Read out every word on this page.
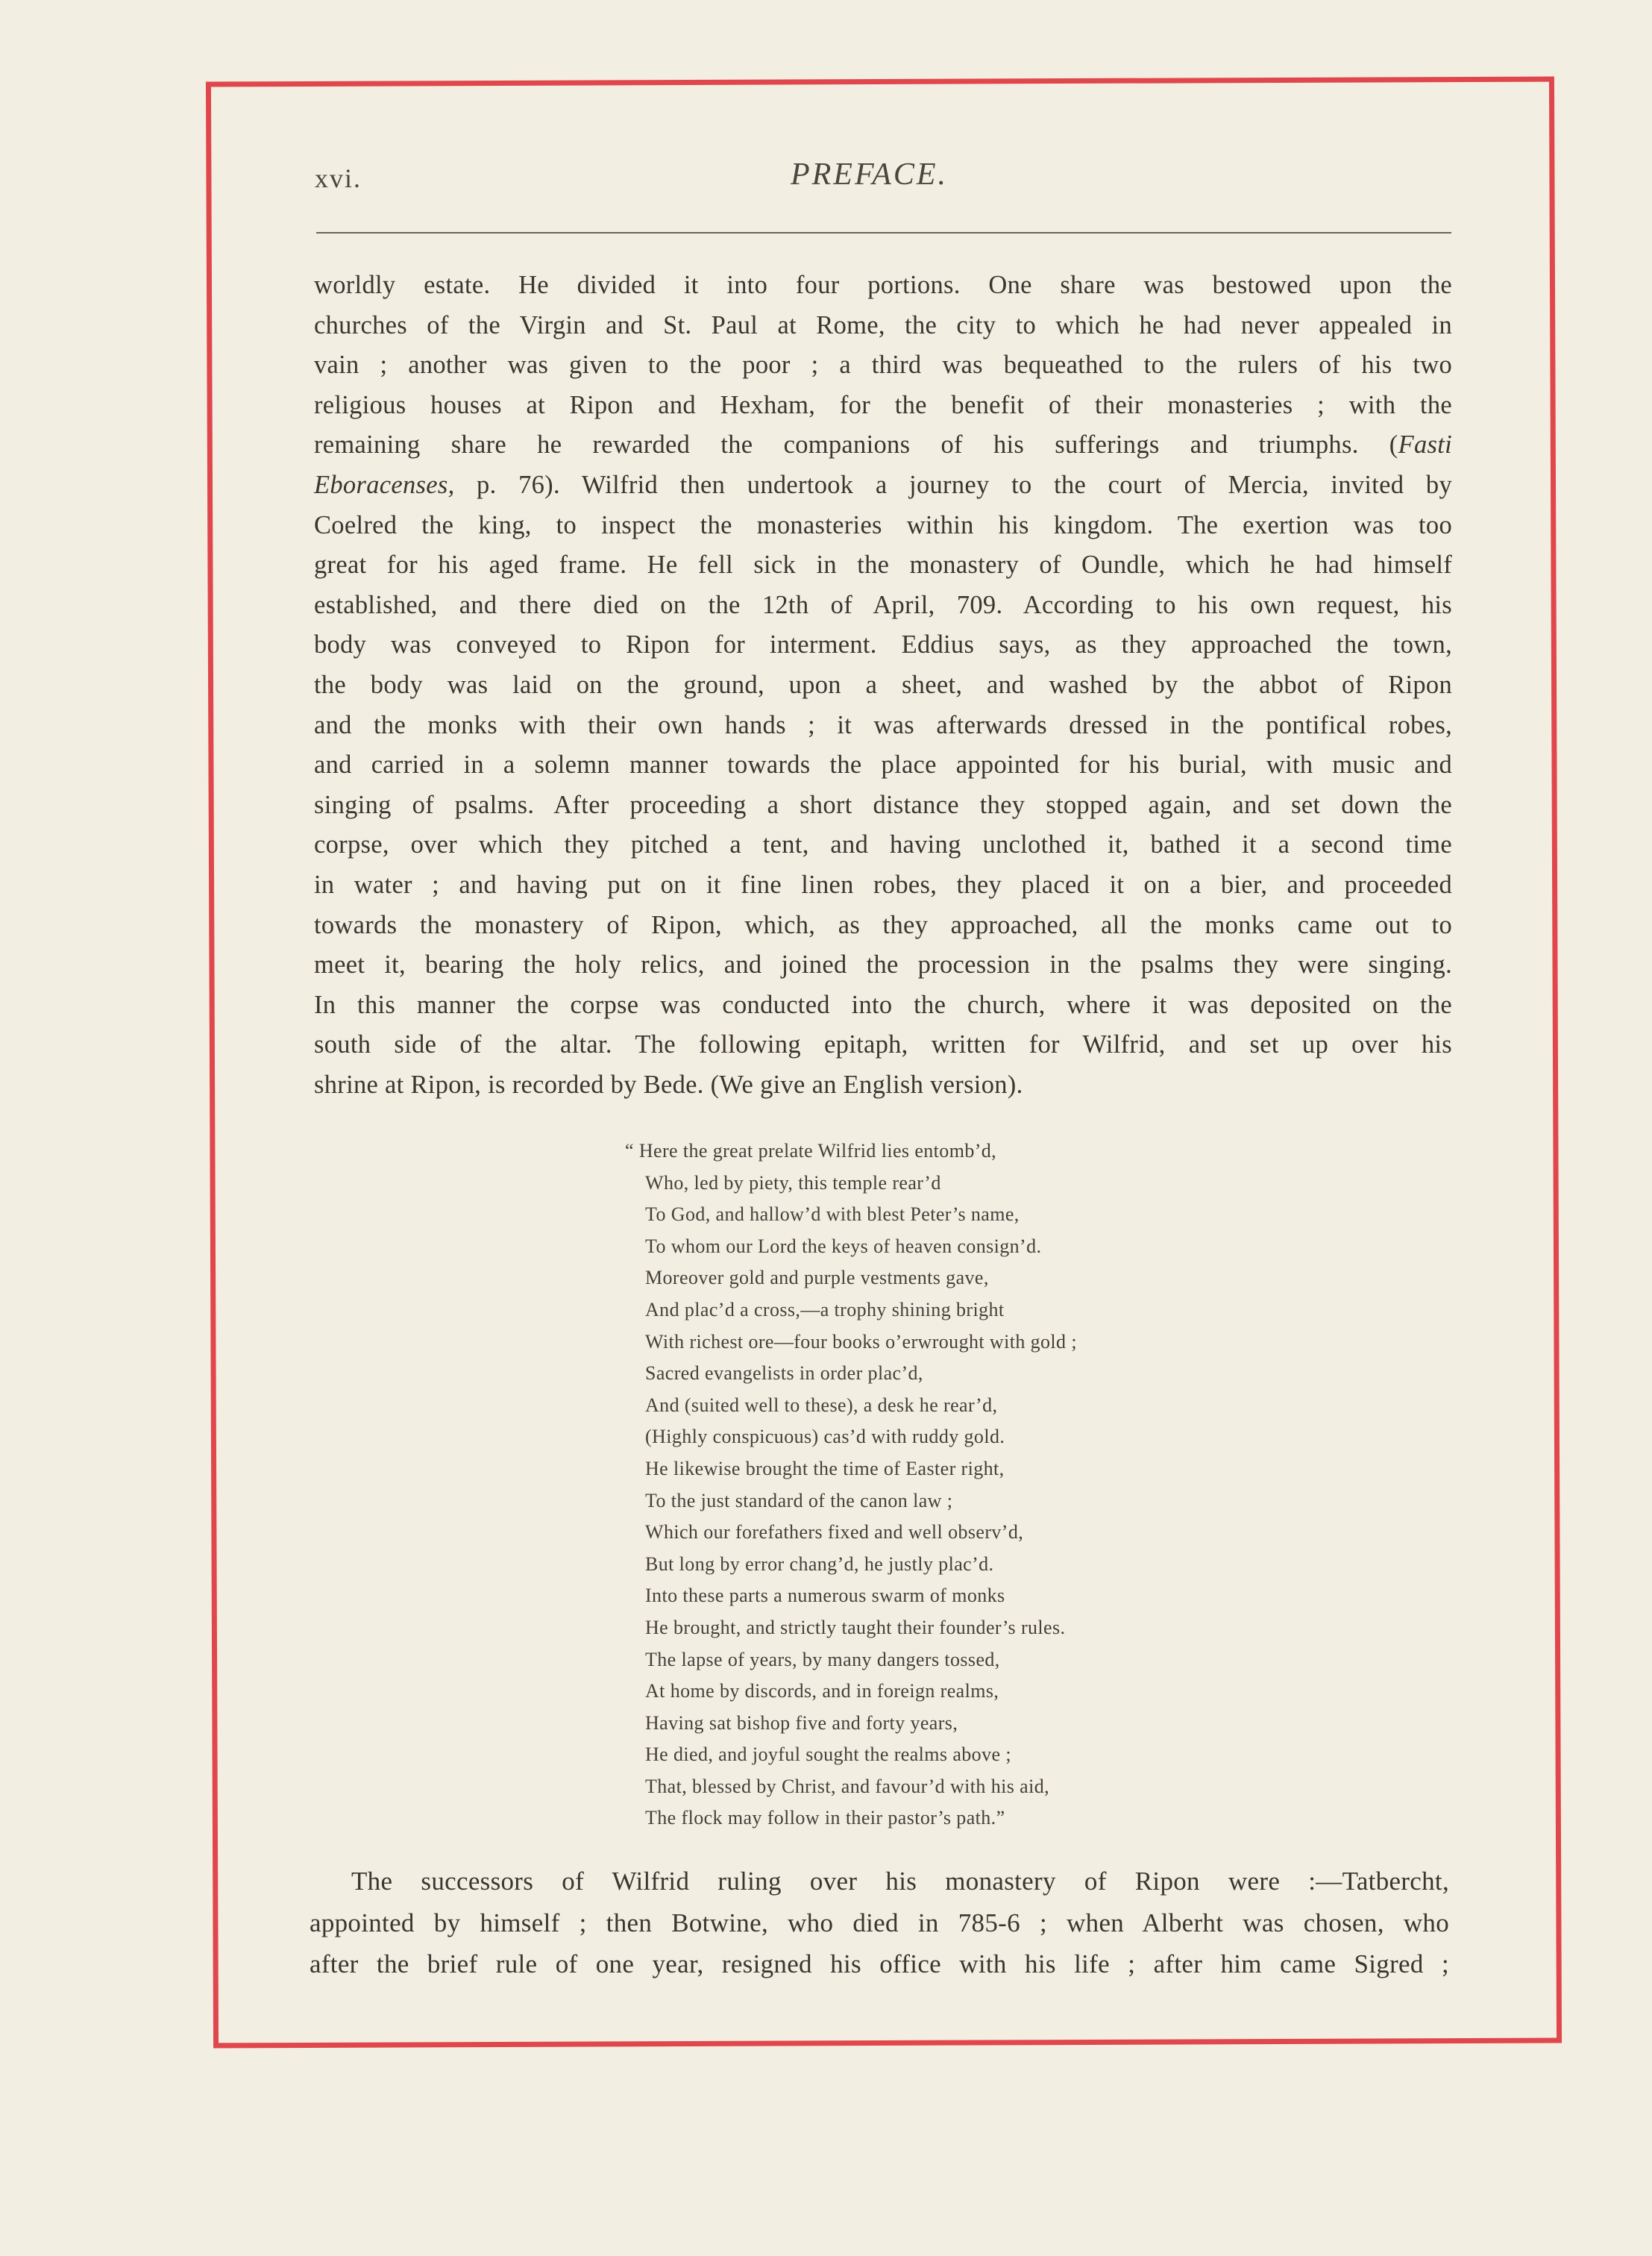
xvi.	PREFACE.
worldly estate. He divided it into four portions. One share was bestowed upon the
churches of the Virgin and St. Paul at Rome, the city to which he had never appealed in
vain ; another was given to the poor ; a third was bequeathed to the rulers of his two
religious houses at Ripon and Hexham, for the benefit of their monasteries ; with the
remaining share he rewarded the companions of his sufferings and triumphs. (Fasti
Eboracenses, p. 76). Wilfrid then undertook a journey to the court of Mercia, invited by
Coelred the king, to inspect the monasteries within his kingdom. The exertion was too
great for his aged frame. He fell sick in the monastery of Oundle, which he had himself
established, and there died on the 12th of April, 709. According to his own request, his
body was conveyed to Ripon for interment. Eddius says, as they approached the town,
the body was laid on the ground, upon a sheet, and washed by the abbot of Ripon
and the monks with their own hands ; it was afterwards dressed in the pontifical robes,
and carried in a solemn manner towards the place appointed for his burial, with music and
singing of psalms. After proceeding a short distance they stopped again, and set down the
corpse, over which they pitched a tent, and having unclothed it, bathed it a second time
in water ; and having put on it fine linen robes, they placed it on a bier, and proceeded
towards the monastery of Ripon, which, as they approached, all the monks came out to
meet it, bearing the holy relics, and joined the procession in the psalms they were singing.
In this manner the corpse was conducted into the church, where it was deposited on the
south side of the altar. The following epitaph, written for Wilfrid, and set up over his
shrine at Ripon, is recorded by Bede. (We give an English version).
“ Here the great prelate Wilfrid lies entomb’d,
Who, led by piety, this temple rear’d
To God, and hallow’d with blest Peter’s name,
To whom our Lord the keys of heaven consign’d.
Moreover gold and purple vestments gave,
And plac’d a cross,—a trophy shining bright
With richest ore—four books o’erwrought with gold ;
Sacred evangelists in order plac’d,
And (suited well to these), a desk he rear’d,
(Highly conspicuous) cas’d with ruddy gold.
He likewise brought the time of Easter right,
To the just standard of the canon law ;
Which our forefathers fixed and well observ’d,
But long by error chang’d, he justly plac’d.
Into these parts a numerous swarm of monks
He brought, and strictly taught their founder’s rules.
The lapse of years, by many dangers tossed,
At home by discords, and in foreign realms,
Having sat bishop five and forty years,
He died, and joyful sought the realms above ;
That, blessed by Christ, and favour’d with his aid,
The flock may follow in their pastor’s path.”
The successors of Wilfrid ruling over his monastery of Ripon were :—Tatbercht,
appointed by himself ; then Botwine, who died in 785-6 ; when Alberht was chosen, who
after the brief rule of one year, resigned his office with his life ; after him came Sigred ;
